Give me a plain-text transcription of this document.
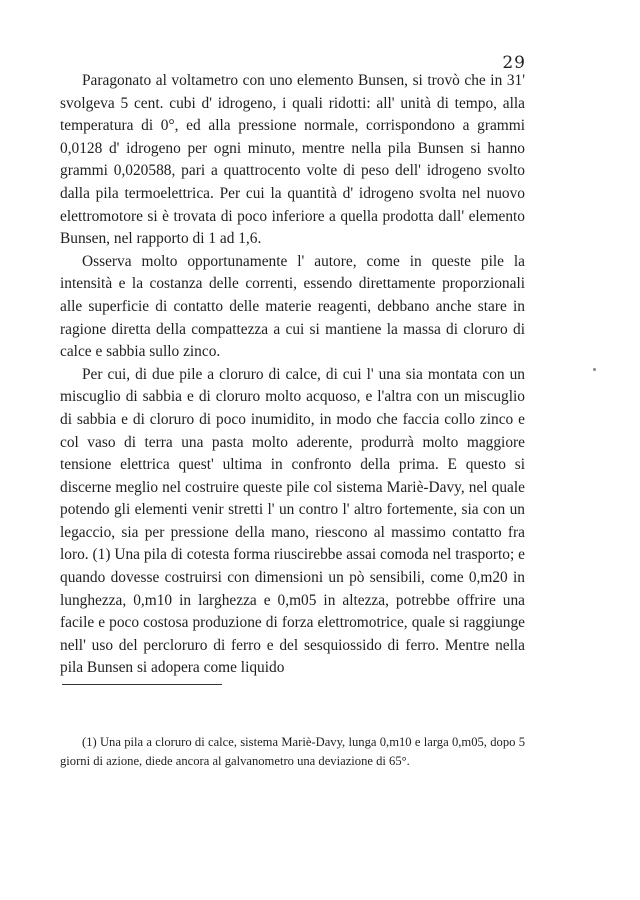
29

Paragonato al voltametro con uno elemento Bunsen, si trovò che in 31' svolgeva 5 cent. cubi d' idrogeno, i quali ridotti: all' unità di tempo, alla temperatura di 0°, ed alla pressione normale, corrispondono a grammi 0,0128 d' idrogeno per ogni minuto, mentre nella pila Bunsen si hanno grammi 0,020588, pari a quattrocento volte di peso dell' idrogeno svolto dalla pila termoelettrica. Per cui la quantità d' idrogeno svolta nel nuovo elettromotore si è trovata di poco inferiore a quella prodotta dall' elemento Bunsen, nel rapporto di 1 ad 1,6.

Osserva molto opportunamente l' autore, come in queste pile la intensità e la costanza delle correnti, essendo direttamente proporzionali alle superficie di contatto delle materie reagenti, debbano anche stare in ragione diretta della compattezza a cui si mantiene la massa di cloruro di calce e sabbia sullo zinco.

Per cui, di due pile a cloruro di calce, di cui l' una sia montata con un miscuglio di sabbia e di cloruro molto acquoso, e l'altra con un miscuglio di sabbia e di cloruro di poco inumidito, in modo che faccia collo zinco e col vaso di terra una pasta molto aderente, produrrà molto maggiore tensione elettrica quest' ultima in confronto della prima. E questo si discerne meglio nel costruire queste pile col sistema Mariè-Davy, nel quale potendo gli elementi venir stretti l' un contro l' altro fortemente, sia con un legaccio, sia per pressione della mano, riescono al massimo contatto fra loro. (1) Una pila di cotesta forma riuscirebbe assai comoda nel trasporto; e quando dovesse costruirsi con dimensioni un pò sensibili, come 0,m20 in lunghezza, 0,m10 in larghezza e 0,m05 in altezza, potrebbe offrire una facile e poco costosa produzione di forza elettromotrice, quale si raggiunge nell' uso del percloruro di ferro e del sesquiossido di ferro. Mentre nella pila Bunsen si adopera come liquido

(1) Una pila a cloruro di calce, sistema Mariè-Davy, lunga 0,m10 e larga 0,m05, dopo 5 giorni di azione, diede ancora al galvanometro una deviazione di 65°.
